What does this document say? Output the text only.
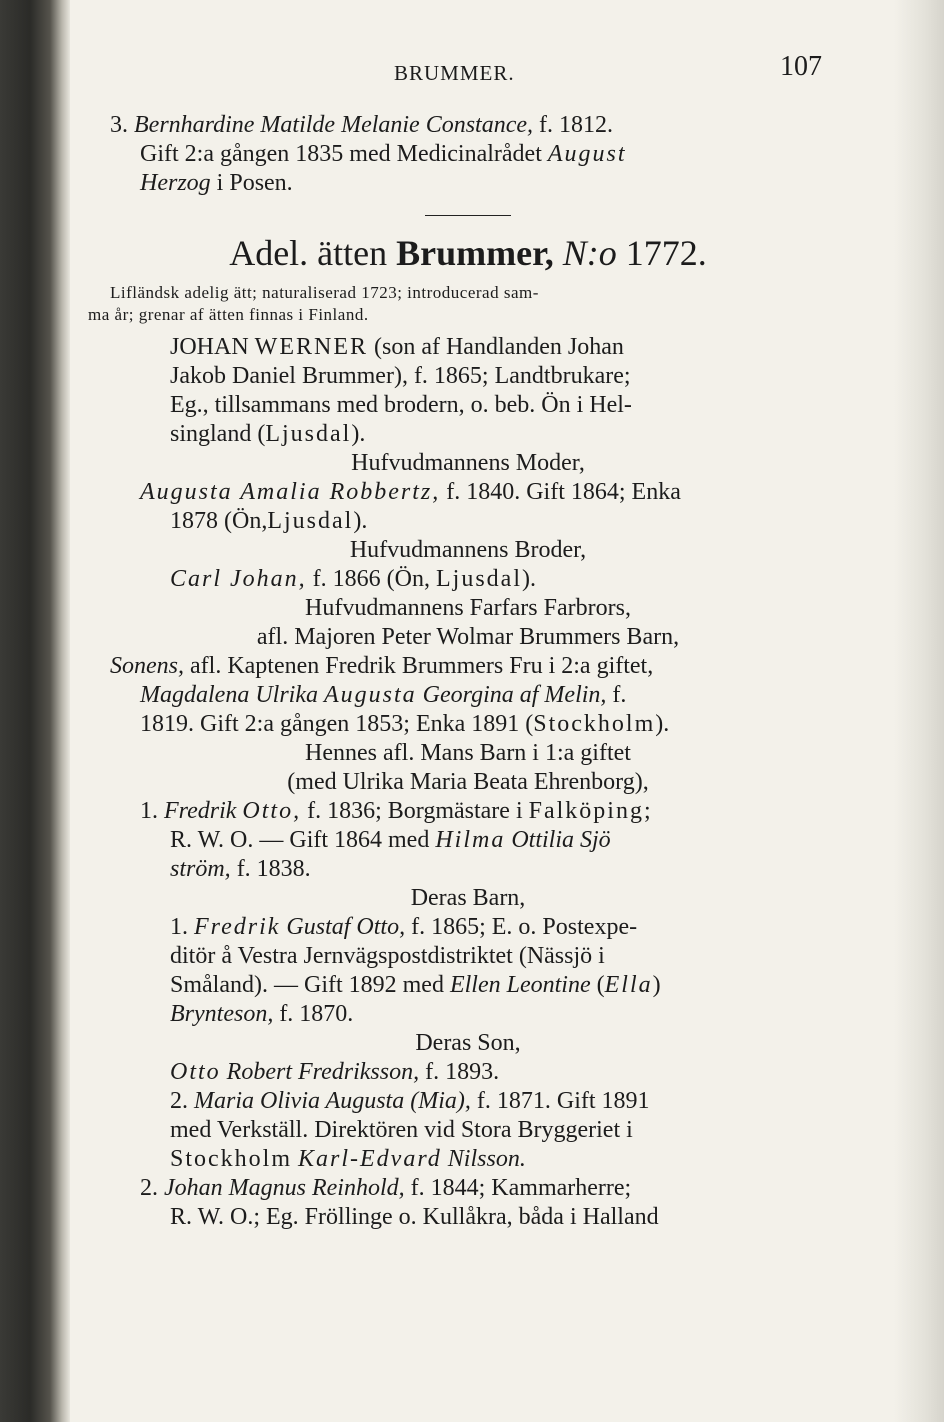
BRUMMER.	107
3. Bernhardine Matilde Melanie Constance, f. 1812.
Gift 2:a gången 1835 med Medicinalrådet August
Herzog i Posen.
Adel. ätten Brummer, N:o 1772.
Lifländsk adelig ätt; naturaliserad 1723; introducerad sam-
ma år; grenar af ätten finnas i Finland.
JOHAN WERNER (son af Handlanden Johan
Jakob Daniel Brummer), f. 1865; Landtbrukare;
Eg., tillsammans med brodern, o. beb. Ön i Hel-
singland (Ljusdal).
Hufvudmannens Moder,
Augusta Amalia Robbertz, f. 1840. Gift 1864; Enka
1878 (Ön,Ljusdal).
Hufvudmannens Broder,
Carl Johan, f. 1866 (Ön, Ljusdal).
Hufvudmannens Farfars Farbrors,
afl. Majoren Peter Wolmar Brummers Barn,
Sonens, afl. Kaptenen Fredrik Brummers Fru i 2:a giftet,
Magdalena Ulrika Augusta Georgina af Melin, f.
1819. Gift 2:a gången 1853; Enka 1891 (Stockholm).
Hennes afl. Mans Barn i 1:a giftet
(med Ulrika Maria Beata Ehrenborg),
1. Fredrik Otto, f. 1836; Borgmästare i Falköping;
R. W. O. — Gift 1864 med Hilma Ottilia Sjö
ström, f. 1838.
Deras Barn,
1. Fredrik Gustaf Otto, f. 1865; E. o. Postexpe-
ditör å Vestra Jernvägspostdistriktet (Nässjö i
Småland). — Gift 1892 med Ellen Leontine (Ella)
Brynteson, f. 1870.
Deras Son,
Otto Robert Fredriksson, f. 1893.
2. Maria Olivia Augusta (Mia), f. 1871. Gift 1891
med Verkställ. Direktören vid Stora Bryggeriet i
Stockholm Karl-Edvard Nilsson.
2. Johan Magnus Reinhold, f. 1844; Kammarherre;
R. W. O.; Eg. Fröllinge o. Kullåkra, båda i Halland
